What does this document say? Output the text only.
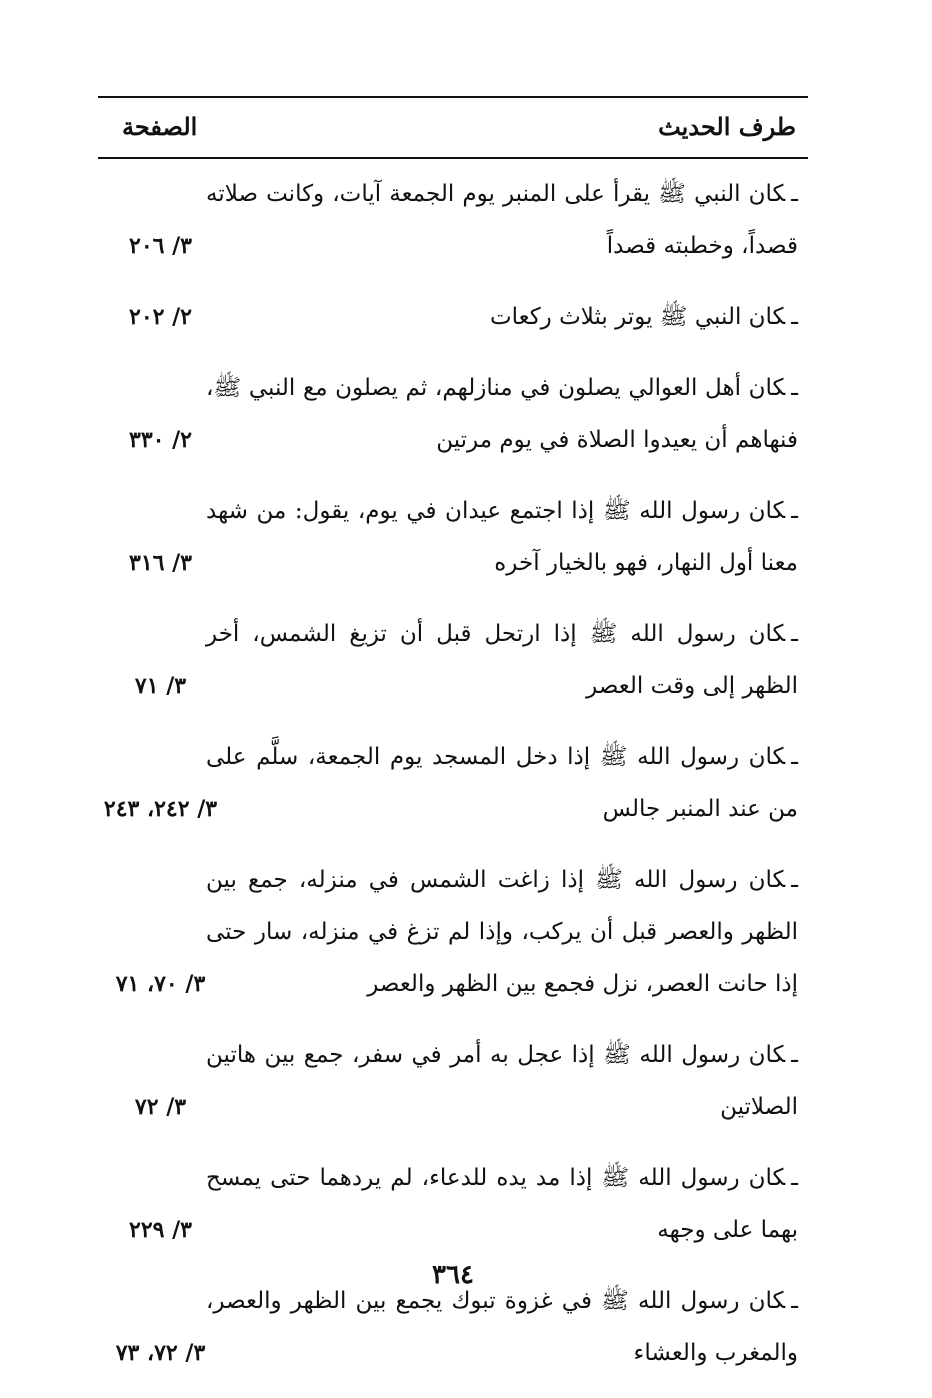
طرف الحديث
الصفحة
ـكان النبي ﷺ يقرأ على المنبر يوم الجمعة آيات، وكانت صلاته قصداً، وخطبته قصداً
٣/ ٢٠٦
ـكان النبي ﷺ يوتر بثلاث ركعات
٢/ ٢٠٢
ـكان أهل العوالي يصلون في منازلهم، ثم يصلون مع النبي ﷺ، فنهاهم أن يعيدوا الصلاة في يوم مرتين
٢/ ٣٣٠
ـكان رسول الله ﷺ إذا اجتمع عيدان في يوم، يقول: من شهد معنا أول النهار، فهو بالخيار آخره
٣/ ٣١٦
ـكان رسول الله ﷺ إذا ارتحل قبل أن تزيغ الشمس، أخر الظهر إلى وقت العصر
٣/ ٧١
ـكان رسول الله ﷺ إذا دخل المسجد يوم الجمعة، سلَّم على من عند المنبر جالس
٣/ ٢٤٢، ٢٤٣
ـكان رسول الله ﷺ إذا زاغت الشمس في منزله، جمع بين الظهر والعصر قبل أن يركب، وإذا لم تزغ في منزله، سار حتى إذا حانت العصر، نزل فجمع بين الظهر والعصر
٣/ ٧٠، ٧١
ـكان رسول الله ﷺ إذا عجل به أمر في سفر، جمع بين هاتين الصلاتين
٣/ ٧٢
ـكان رسول الله ﷺ إذا مد يده للدعاء، لم يردهما حتى يمسح بهما على وجهه
٣/ ٢٢٩
ـكان رسول الله ﷺ في غزوة تبوك يجمع بين الظهر والعصر، والمغرب والعشاء
٣/ ٧٢، ٧٣
٣٦٤
